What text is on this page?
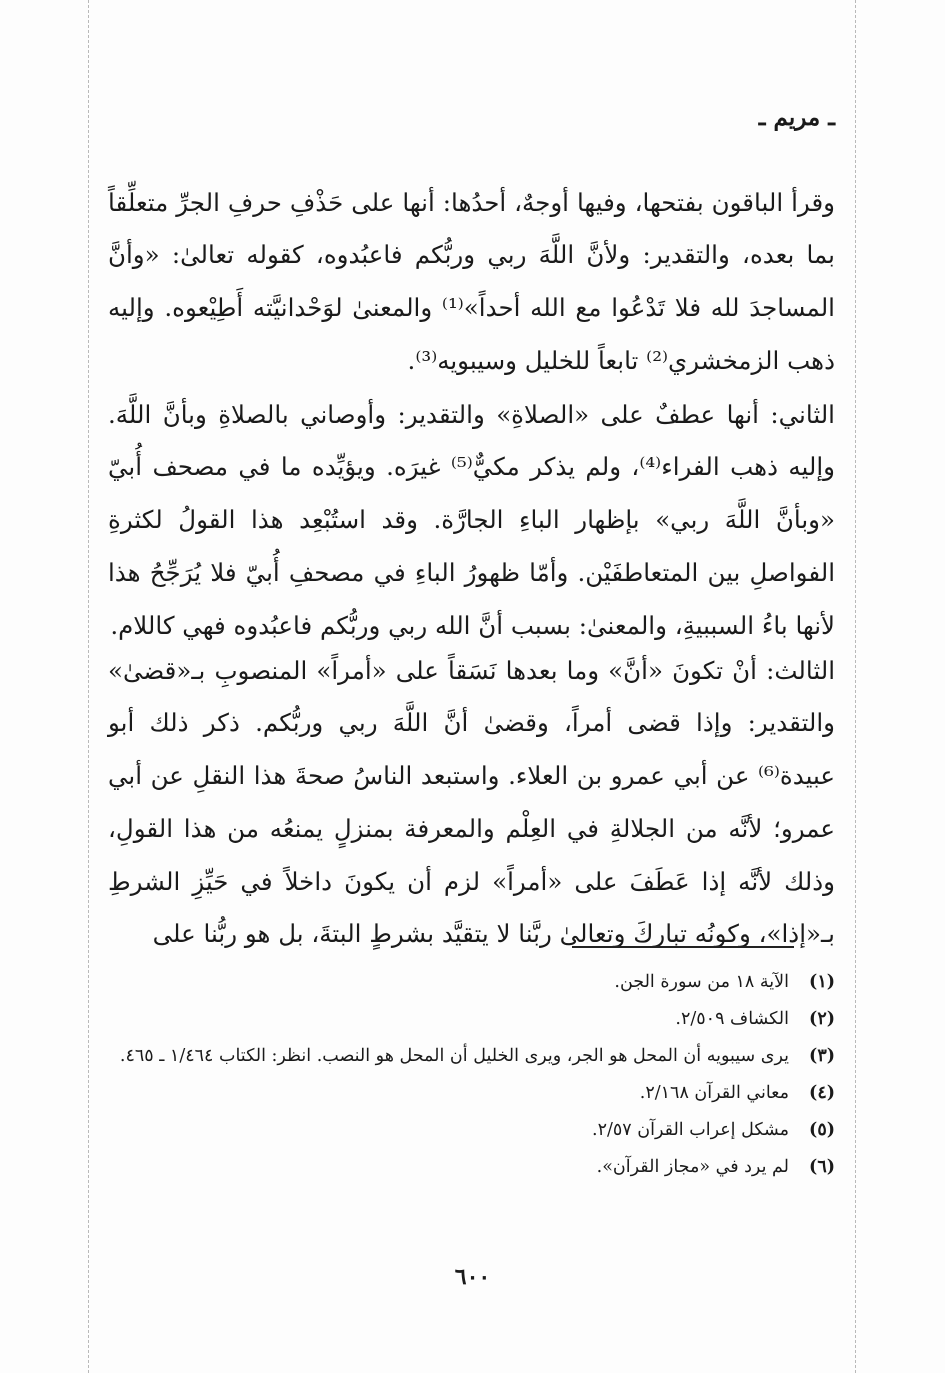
ـ مريم ـ

وقرأ الباقون بفتحها، وفيها أوجهٌ، أحدُها: أنها على حَذْفِ حرفِ الجرِّ متعلِّقاً بما بعده، والتقدير: ولأنَّ اللَّهَ ربي وربُّكم فاعبُدوه، كقوله تعالىٰ: «وأنَّ المساجدَ لله فلا تَدْعُوا مع الله أحداً»⁽¹⁾ والمعنىٰ لوَحْدانيَّته أَطِيْعوه. وإليه ذهب الزمخشري⁽²⁾ تابعاً للخليل وسيبويه⁽³⁾.

الثاني: أنها عطفٌ على «الصلاةِ» والتقدير: وأوصاني بالصلاةِ وبأنَّ اللَّهَ. وإليه ذهب الفراء⁽⁴⁾، ولم يذكر مكيٌّ⁽⁵⁾ غيرَه. ويؤيِّده ما في مصحف أُبيّ «وبأنَّ اللَّهَ ربي» بإظهار الباءِ الجارَّة. وقد استُبْعِد هذا القولُ لكثرةِ الفواصلِ بين المتعاطفَيْن. وأمّا ظهورُ الباءِ في مصحفِ أُبيّ فلا يُرَجِّحُ هذا لأنها باءُ السببيةِ، والمعنىٰ: بسبب أنَّ الله ربي وربُّكم فاعبُدوه فهي كاللام.

الثالث: أنْ تكونَ «أنَّ» وما بعدها نَسَقاً على «أمراً» المنصوبِ بـ«قضىٰ» والتقدير: وإذا قضى أمراً، وقضىٰ أنَّ اللَّهَ ربي وربُّكم. ذكر ذلك أبو عبيدة⁽⁶⁾ عن أبي عمرو بن العلاء. واستبعد الناسُ صحةَ هذا النقلِ عن أبي عمرو؛ لأنَّه من الجلالةِ في العِلْم والمعرفة بمنزلٍ يمنعُه من هذا القولِ، وذلك لأنَّه إذا عَطَفَ على «أمراً» لزم أن يكونَ داخلاً في حَيِّزِ الشرطِ بـ«إذا»، وكونُه تباركَ وتعالىٰ ربَّنا لا يتقيَّد بشرطٍ البتةَ، بل هو ربُّنا على

(١)
الآية ١٨ من سورة الجن.
(٢)
الكشاف ٢/٥٠٩.
(٣)
يرى سيبويه أن المحل هو الجر، ويرى الخليل أن المحل هو النصب. انظر: الكتاب ١/٤٦٤ ـ ٤٦٥.
(٤)
معاني القرآن ٢/١٦٨.
(٥)
مشكل إعراب القرآن ٢/٥٧.
(٦)
لم يرد في «مجاز القرآن».
٦٠٠
